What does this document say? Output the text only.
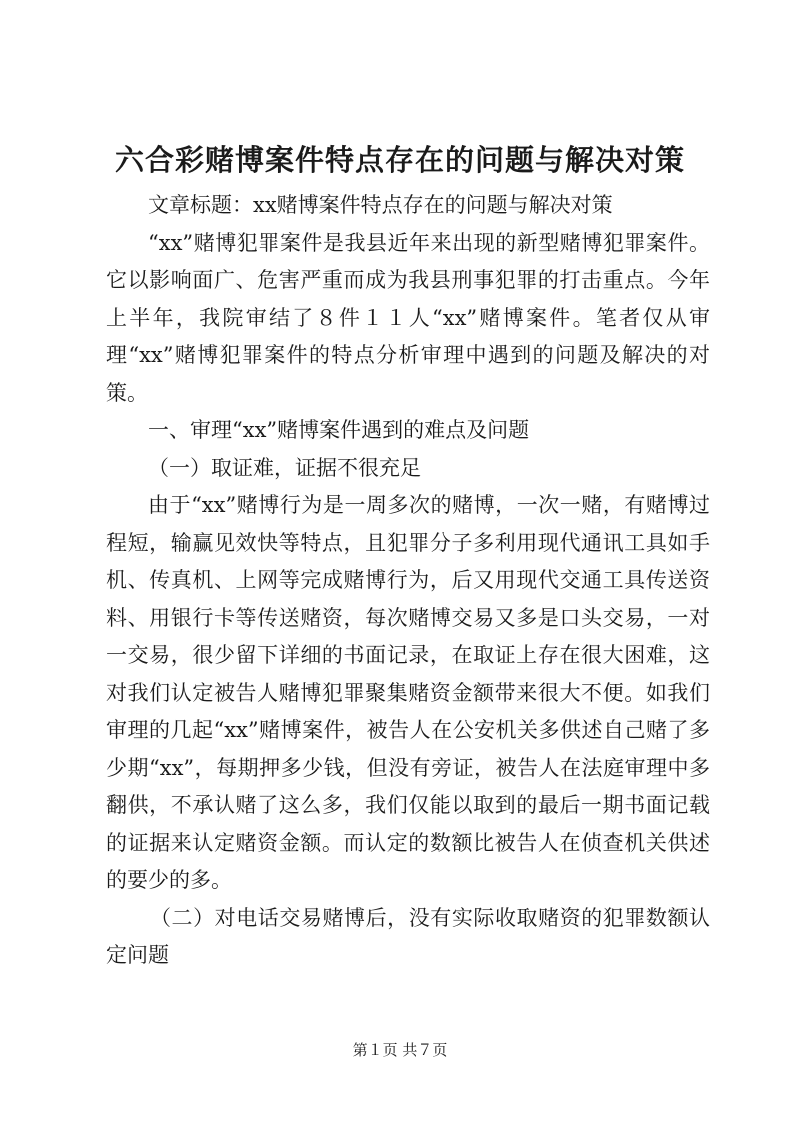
六合彩赌博案件特点存在的问题与解决对策

文章标题：xx赌博案件特点存在的问题与解决对策

“xx”赌博犯罪案件是我县近年来出现的新型赌博犯罪案件。它以影响面广、危害严重而成为我县刑事犯罪的打击重点。今年上半年，我院审结了８件１１人“xx”赌博案件。笔者仅从审理“xx”赌博犯罪案件的特点分析审理中遇到的问题及解决的对策。

一、审理“xx”赌博案件遇到的难点及问题

（一）取证难，证据不很充足

由于“xx”赌博行为是一周多次的赌博，一次一赌，有赌博过程短，输赢见效快等特点，且犯罪分子多利用现代通讯工具如手机、传真机、上网等完成赌博行为，后又用现代交通工具传送资料、用银行卡等传送赌资，每次赌博交易又多是口头交易，一对一交易，很少留下详细的书面记录，在取证上存在很大困难，这对我们认定被告人赌博犯罪聚集赌资金额带来很大不便。如我们审理的几起“xx”赌博案件，被告人在公安机关多供述自己赌了多少期“xx”，每期押多少钱，但没有旁证，被告人在法庭审理中多翻供，不承认赌了这么多，我们仅能以取到的最后一期书面记载的证据来认定赌资金额。而认定的数额比被告人在侦查机关供述的要少的多。

（二）对电话交易赌博后，没有实际收取赌资的犯罪数额认定问题

第１页 共７页
